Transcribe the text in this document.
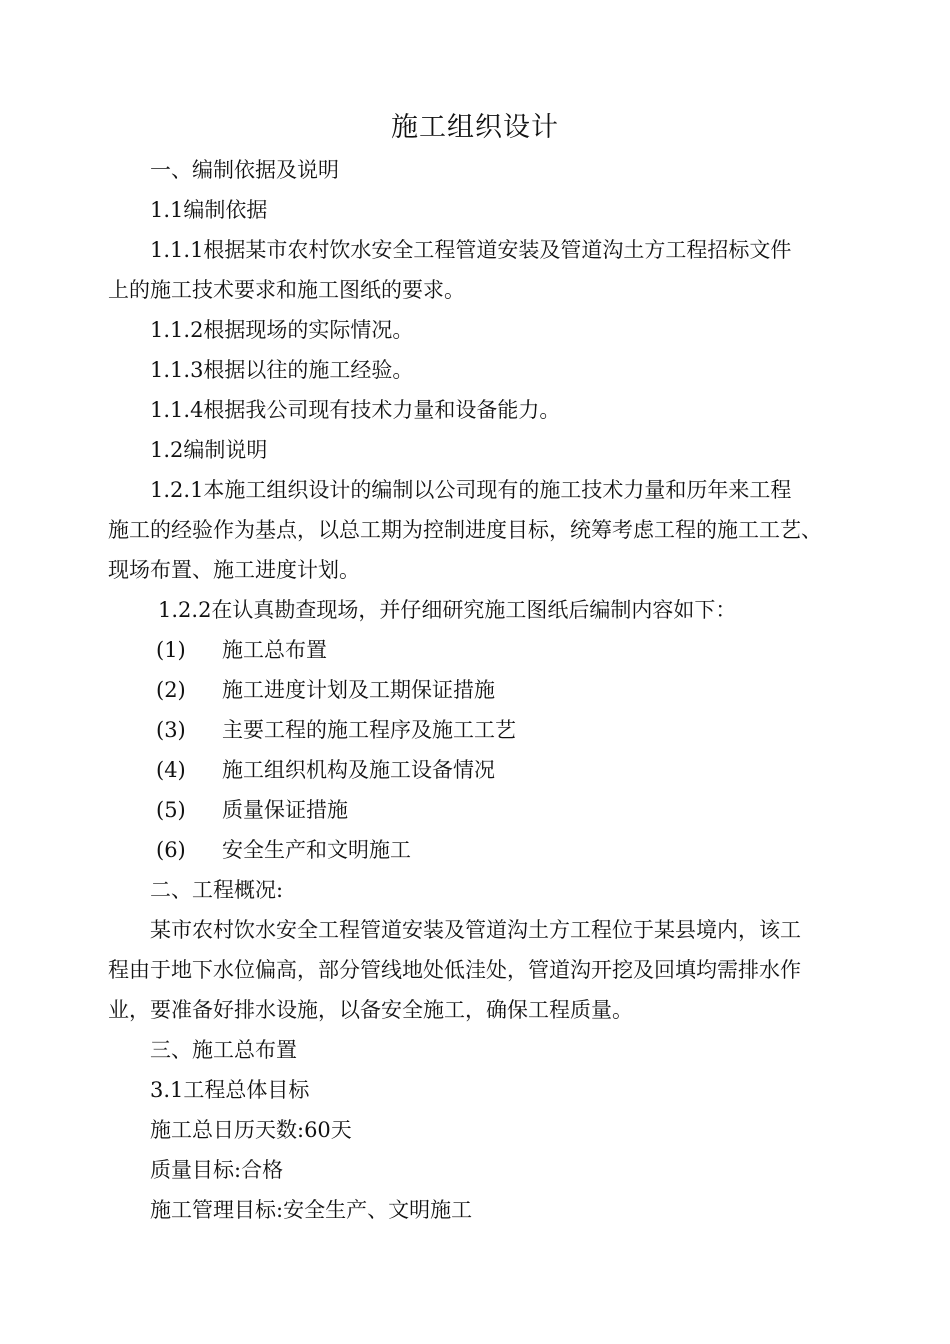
施工组织设计
一、编制依据及说明
1.1编制依据
1.1.1根据某市农村饮水安全工程管道安装及管道沟土方工程招标文件
上的施工技术要求和施工图纸的要求。
1.1.2根据现场的实际情况。
1.1.3根据以往的施工经验。
1.1.4根据我公司现有技术力量和设备能力。
1.2编制说明
1.2.1本施工组织设计的编制以公司现有的施工技术力量和历年来工程
施工的经验作为基点，以总工期为控制进度目标，统筹考虑工程的施工工艺、
现场布置、施工进度计划。
1.2.2在认真勘查现场，并仔细研究施工图纸后编制内容如下：
(1) 施工总布置
(2) 施工进度计划及工期保证措施
(3) 主要工程的施工程序及施工工艺
(4) 施工组织机构及施工设备情况
(5) 质量保证措施
(6) 安全生产和文明施工
二、工程概况:
某市农村饮水安全工程管道安装及管道沟土方工程位于某县境内，该工
程由于地下水位偏高，部分管线地处低洼处，管道沟开挖及回填均需排水作
业，要准备好排水设施，以备安全施工，确保工程质量。
三、施工总布置
3.1工程总体目标
施工总日历天数:60天
质量目标:合格
施工管理目标:安全生产、文明施工
